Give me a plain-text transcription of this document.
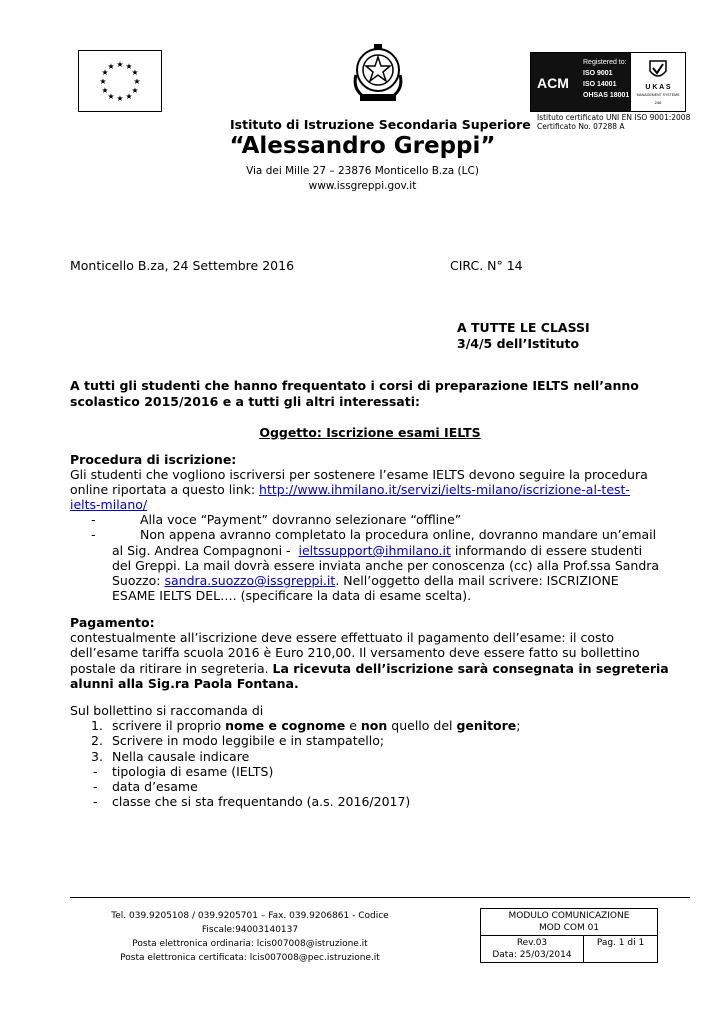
★ ★
★
★
★
★
★
★
★
★
★
★
ACM
Registered to:
ISO 9001
ISO 14001
OHSAS 18001
U K A S
MANAGEMENT SYSTEMS
246
Istituto certificato UNI EN ISO 9001:2008
Certificato No. 07288 A
Istituto di Istruzione Secondaria Superiore
“Alessandro Greppi”
Via dei Mille 27 – 23876 Monticello B.za (LC)
www.issgreppi.gov.it
Monticello B.za, 24 Settembre 2016	CIRC. N° 14
A TUTTE LE CLASSI
3/4/5 dell’Istituto
A tutti gli studenti che hanno frequentato i corsi di preparazione IELTS nell’anno
scolastico 2015/2016 e a tutti gli altri interessati:
Oggetto: Iscrizione esami IELTS
Procedura di iscrizione:
Gli studenti che vogliono iscriversi per sostenere l’esame IELTS devono seguire la procedura
online riportata a questo link: http://www.ihmilano.it/servizi/ielts-milano/iscrizione-al-test-
ielts-milano/
-	Alla voce “Payment” dovranno selezionare “offline”
-	Non appena avranno completato la procedura online, dovranno mandare un’email
al Sig. Andrea Compagnoni -  ieltssupport@ihmilano.it informando di essere studenti
del Greppi. La mail dovrà essere inviata anche per conoscenza (cc) alla Prof.ssa Sandra
Suozzo: sandra.suozzo@issgreppi.it. Nell’oggetto della mail scrivere: ISCRIZIONE
ESAME IELTS DEL…. (specificare la data di esame scelta).
Pagamento:
contestualmente all’iscrizione deve essere effettuato il pagamento dell’esame: il costo
dell’esame tariffa scuola 2016 è Euro 210,00. Il versamento deve essere fatto su bollettino
postale da ritirare in segreteria. La ricevuta dell’iscrizione sarà consegnata in segreteria
alunni alla Sig.ra Paola Fontana.
Sul bollettino si raccomanda di
1. scrivere il proprio nome e cognome e non quello del genitore;
2. Scrivere in modo leggibile e in stampatello;
3. Nella causale indicare
- tipologia di esame (IELTS)
- data d’esame
- classe che si sta frequentando (a.s. 2016/2017)
Tel. 039.9205108 / 039.9205701 – Fax. 039.9206861 - Codice
Fiscale:94003140137
Posta elettronica ordinaria: lcis007008@istruzione.it
Posta elettronica certificata: lcis007008@pec.istruzione.it
MODULO COMUNICAZIONE
MOD COM 01

Rev.03
Data: 25/03/2014
	Pag. 1 di 1
